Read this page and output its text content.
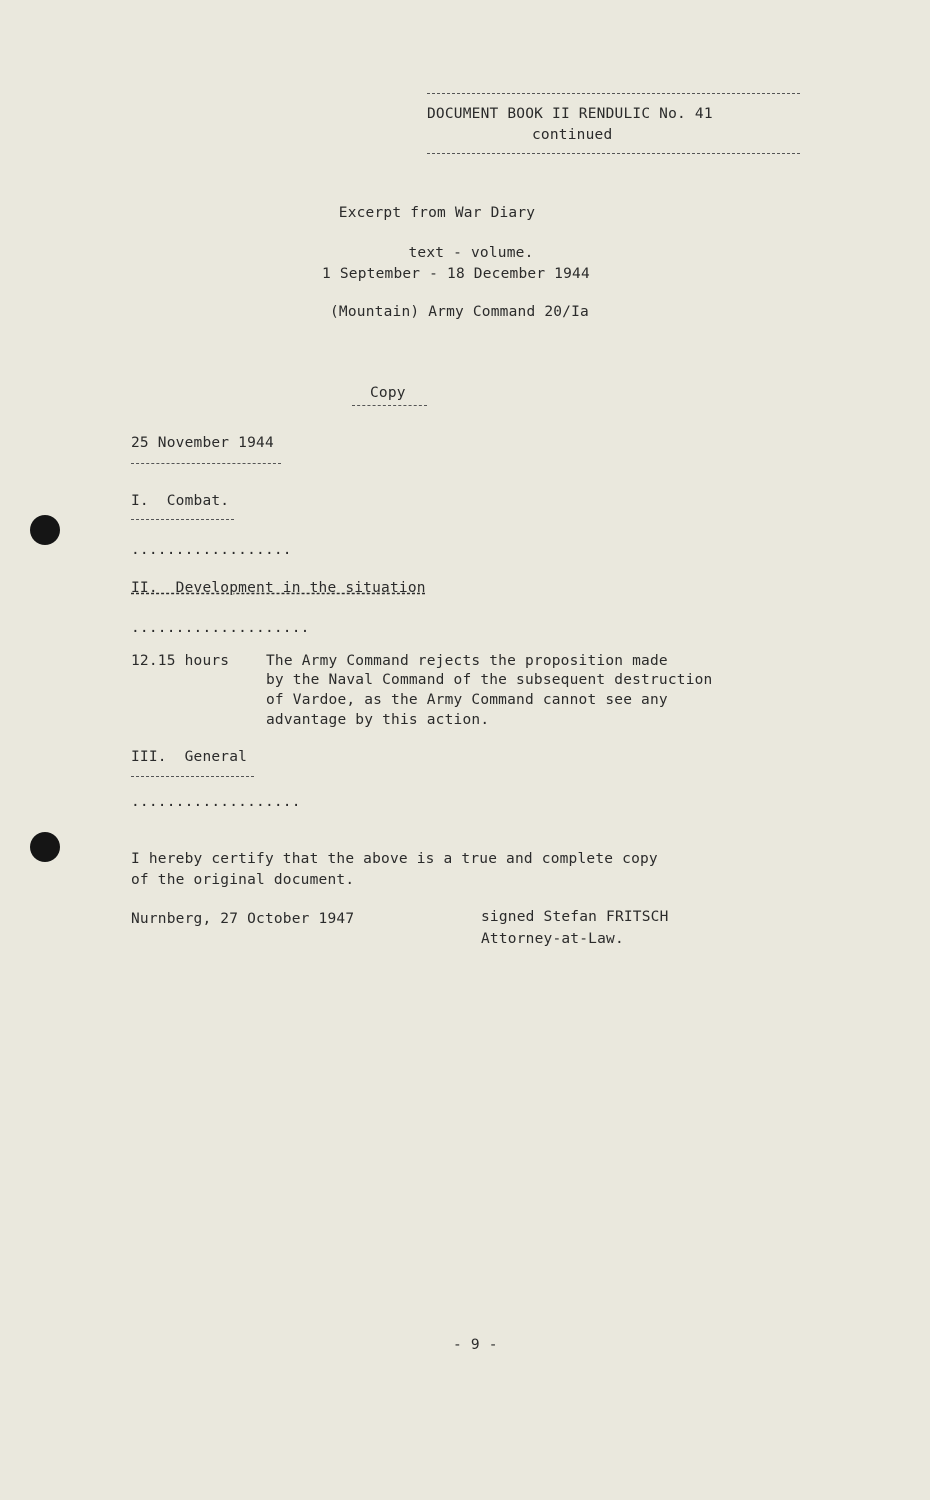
DOCUMENT BOOK II RENDULIC No. 41
continued
Excerpt from War Diary
text - volume.
1 September - 18 December 1944
(Mountain) Army Command 20/Ia
Copy
25 November 1944
I.  Combat.
..................
II.  Development in the situation
....................
12.15 hours	The Army Command rejects the proposition made
by the Naval Command of the subsequent destruction
of Vardoe, as the Army Command cannot see any
advantage by this action.
III.  General
...................
I hereby certify that the above is a true and complete copy
of the original document.
Nurnberg, 27 October 1947	signed Stefan FRITSCH
Attorney-at-Law.
- 9 -
